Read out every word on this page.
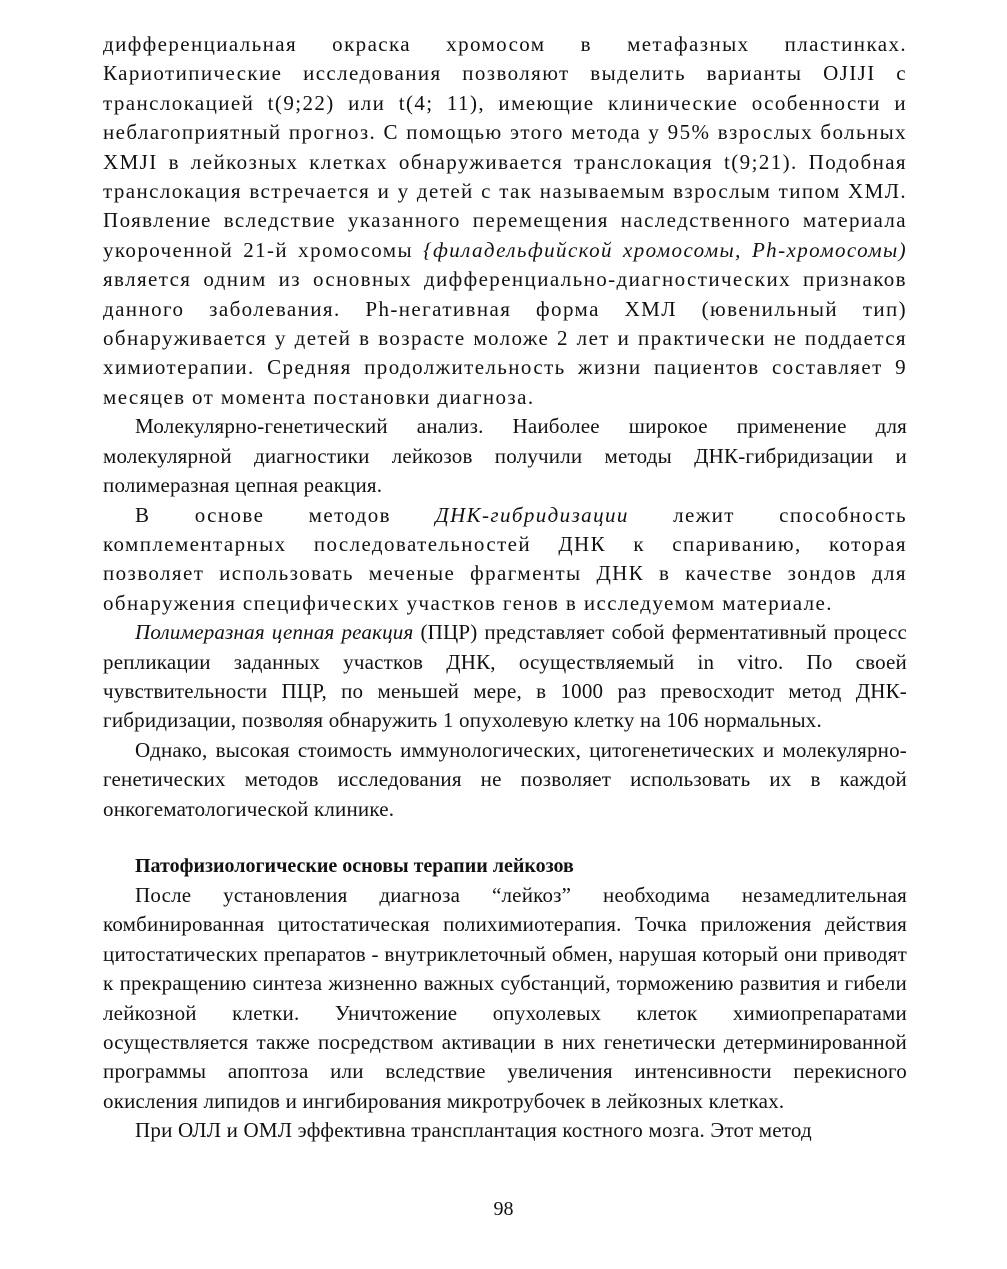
дифференциальная окраска хромосом в метафазных пластинках. Кариотипические исследования позволяют выделить варианты OJIJI с транслокацией t(9;22) или t(4; 11), имеющие клинические особенности и неблагоприятный прогноз. С помощью этого метода у 95% взрослых больных ХМJI в лейкозных клетках обнаруживается транслокация t(9;21). Подобная транслокация встречается и у детей с так называемым взрослым типом ХМЛ. Появление вследствие указанного перемещения наследственного материала укороченной 21-й хромосомы {филадельфийской хромосомы, Ph-хромосомы) является одним из основных дифференциально-диагностических признаков данного заболевания. Ph-негативная форма ХМЛ (ювенильный тип) обнаруживается у детей в возрасте моложе 2 лет и практически не поддается химиотерапии. Средняя продолжительность жизни пациентов составляет 9 месяцев от момента постановки диагноза.

Молекулярно-генетический анализ. Наиболее широкое применение для молекулярной диагностики лейкозов получили методы ДНК-гибридизации и полимеразная цепная реакция.

В основе методов ДНК-гибридизации лежит способность комплементарных последовательностей ДНК к спариванию, которая позволяет использовать меченые фрагменты ДНК в качестве зондов для обнаружения специфических участков генов в исследуемом материале.

Полимеразная цепная реакция (ПЦР) представляет собой ферментативный процесс репликации заданных участков ДНК, осуществляемый in vitro. По своей чувствительности ПЦР, по меньшей мере, в 1000 раз превосходит метод ДНК-гибридизации, позволяя обнаружить 1 опухолевую клетку на 106 нормальных.

Однако, высокая стоимость иммунологических, цитогенетических и молекулярно-генетических методов исследования не позволяет использовать их в каждой онкогематологической клинике.

Патофизиологические основы терапии лейкозов

После установления диагноза “лейкоз” необходима незамедлительная комбинированная цитостатическая полихимиотерапия. Точка приложения действия цитостатических препаратов - внутриклеточный обмен, нарушая который они приводят к прекращению синтеза жизненно важных субстанций, торможению развития и гибели лейкозной клетки. Уничтожение опухолевых клеток химиопрепаратами осуществляется также посредством активации в них генетически детерминированной программы апоптоза или вследствие увеличения интенсивности перекисного окисления липидов и ингибирования микротрубочек в лейкозных клетках.

При ОЛЛ и ОМЛ эффективна трансплантация костного мозга. Этот метод

98
